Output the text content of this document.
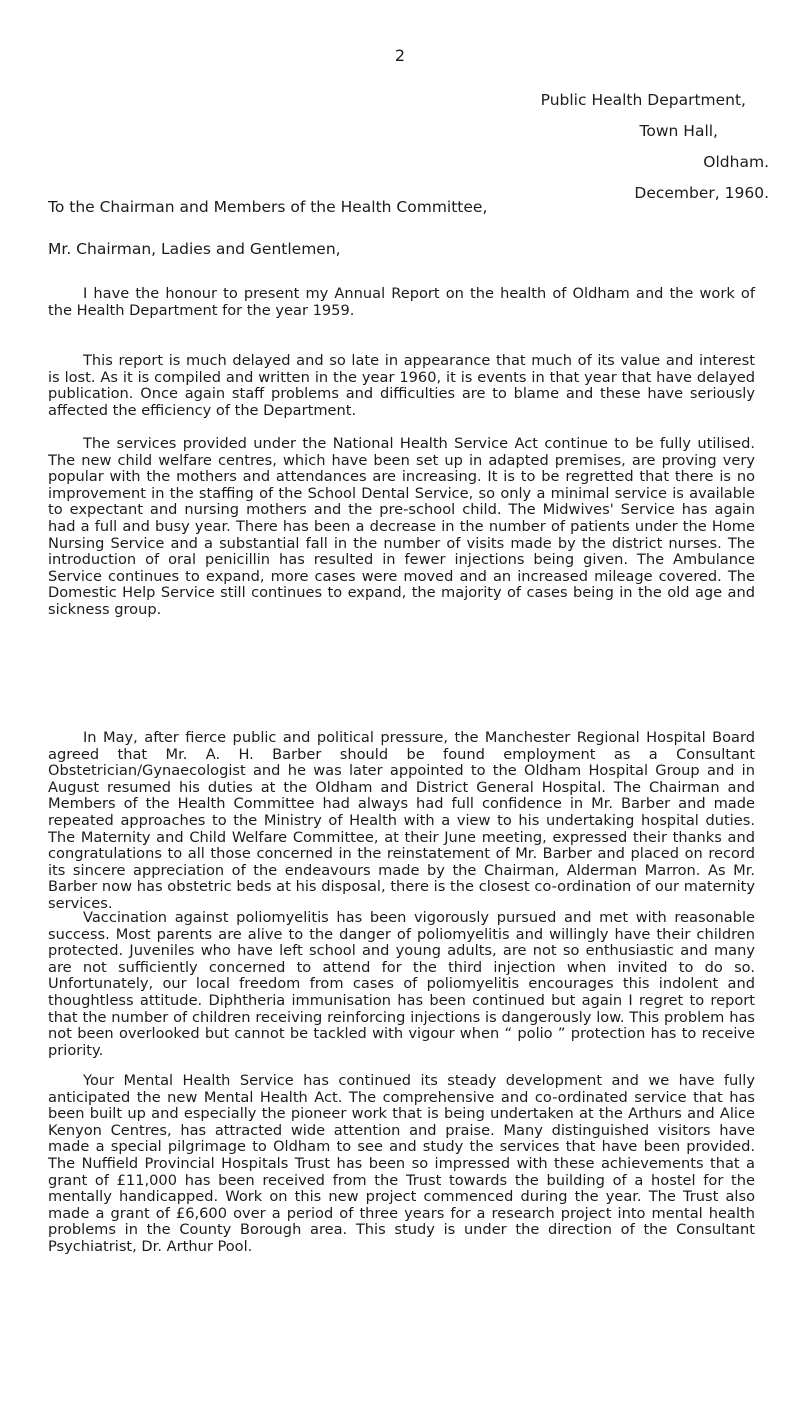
2
Public Health Department,
Town Hall,
Oldham.
December, 1960.
To the Chairman and Members of the Health Committee,
Mr. Chairman, Ladies and Gentlemen,

I have the honour to present my Annual Report on the health of Oldham and the work of the Health Department for the year 1959.

This report is much delayed and so late in appearance that much of its value and interest is lost. As it is compiled and written in the year 1960, it is events in that year that have delayed publication. Once again staff problems and difficulties are to blame and these have seriously affected the efficiency of the Department.

The services provided under the National Health Service Act continue to be fully utilised. The new child welfare centres, which have been set up in adapted premises, are proving very popular with the mothers and attendances are increasing. It is to be regretted that there is no improvement in the staffing of the School Dental Service, so only a minimal service is available to expectant and nursing mothers and the pre-school child. The Midwives' Service has again had a full and busy year. There has been a decrease in the number of patients under the Home Nursing Service and a substantial fall in the number of visits made by the district nurses. The introduction of oral penicillin has resulted in fewer injections being given. The Ambulance Service continues to expand, more cases were moved and an increased mileage covered. The Domestic Help Service still continues to expand, the majority of cases being in the old age and sickness group.

In May, after fierce public and political pressure, the Manchester Regional Hospital Board agreed that Mr. A. H. Barber should be found employment as a Consultant Obstetrician/Gynaecologist and he was later appointed to the Oldham Hospital Group and in August resumed his duties at the Oldham and District General Hospital. The Chairman and Members of the Health Committee had always had full confidence in Mr. Barber and made repeated approaches to the Ministry of Health with a view to his undertaking hospital duties. The Maternity and Child Welfare Committee, at their June meeting, expressed their thanks and congratulations to all those concerned in the reinstatement of Mr. Barber and placed on record its sincere appreciation of the endeavours made by the Chairman, Alderman Marron. As Mr. Barber now has obstetric beds at his disposal, there is the closest co-ordination of our maternity services.

Vaccination against poliomyelitis has been vigorously pursued and met with reasonable success. Most parents are alive to the danger of poliomyelitis and willingly have their children protected. Juveniles who have left school and young adults, are not so enthusiastic and many are not sufficiently concerned to attend for the third injection when invited to do so. Unfortunately, our local freedom from cases of poliomyelitis encourages this indolent and thoughtless attitude. Diphtheria immunisation has been continued but again I regret to report that the number of children receiving reinforcing injections is dangerously low. This problem has not been overlooked but cannot be tackled with vigour when “ polio ” protection has to receive priority.

Your Mental Health Service has continued its steady development and we have fully anticipated the new Mental Health Act. The comprehensive and co-ordinated service that has been built up and especially the pioneer work that is being undertaken at the Arthurs and Alice Kenyon Centres, has attracted wide attention and praise. Many distinguished visitors have made a special pilgrimage to Oldham to see and study the services that have been provided. The Nuffield Provincial Hospitals Trust has been so impressed with these achievements that a grant of £11,000 has been received from the Trust towards the building of a hostel for the mentally handicapped. Work on this new project commenced during the year. The Trust also made a grant of £6,600 over a period of three years for a research project into mental health problems in the County Borough area. This study is under the direction of the Consultant Psychiatrist, Dr. Arthur Pool.
